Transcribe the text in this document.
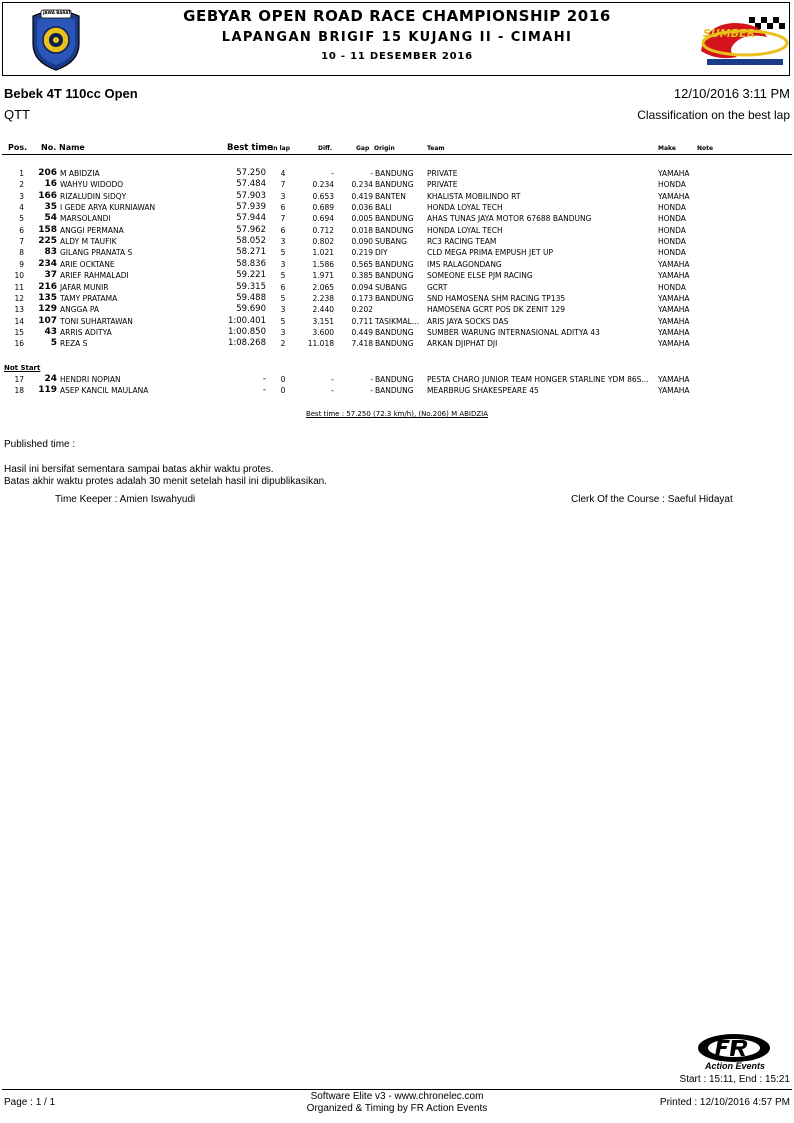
JAWA BARAT	GEBYAR OPEN ROAD RACE CHAMPIONSHIP 2016
LAPANGAN BRIGIF 15 KUJANG II - CIMAHI
10 - 11 DESEMBER 2016
SUMBER
Bebek 4T 110cc Open
QTT
12/10/2016 3:11 PM
Classification on the best lap
Pos. No. Name	Best time
In lap	Diff.	Gap Origin	Team	Make	Note
1	206 M ABIDZIA	57.250	4	-	- BANDUNG	PRIVATE	YAMAHA
2	16 WAHYU WIDODO	57.484	7	0.234	0.234 BANDUNG	PRIVATE	HONDA
3	166 RIZALUDIN SIDQY	57.903	3	0.653	0.419 BANTEN	KHALISTA MOBILINDO RT	YAMAHA
4	35 I GEDE ARYA KURNIAWAN	57.939	6	0.689	0.036 BALI	HONDA LOYAL TECH	HONDA
5	54 MARSOLANDI	57.944	7	0.694	0.005 BANDUNG	AHAS TUNAS JAYA MOTOR 67688 BANDUNG	HONDA
6	158 ANGGI PERMANA	57.962	6	0.712	0.018 BANDUNG	HONDA LOYAL TECH	HONDA
7	225 ALDY M TAUFIK	58.052	3	0.802	0.090 SUBANG	RC3 RACING TEAM	HONDA
8	83 GILANG PRANATA S	58.271	5	1.021	0.219 DIY	CLD MEGA PRIMA EMPUSH JET UP	HONDA
9	234 ARIE OCKTANE	58.836	3	1.586	0.565 BANDUNG	IMS RALAGONDANG	YAMAHA
10	37 ARIEF RAHMALADI	59.221	5	1.971	0.385 BANDUNG	SOMEONE ELSE PJM RACING	YAMAHA
11	216 JAFAR MUNIR	59.315	6	2.065	0.094 SUBANG	GCRT	HONDA
12	135 TAMY PRATAMA	59.488	5	2.238	0.173 BANDUNG	SND HAMOSENA SHM RACING TP135	YAMAHA
13	129 ANGGA PA	59.690	3	2.440	0.202	HAMOSENA GCRT POS DK ZENIT 129	YAMAHA
14	107 TONI SUHARTAWAN	1:00.401	5	3.151	0.711 TASIKMAL...	ARIS JAYA SOCKS DAS	YAMAHA
15	43 ARRIS ADITYA	1:00.850	3	3.600	0.449 BANDUNG	SUMBER WARUNG INTERNASIONAL ADITYA 43	YAMAHA
16	5 REZA S	1:08.268	2	11.018	7.418 BANDUNG	ARKAN DJIPHAT DJI	YAMAHA
Not Start
17	24 HENDRI NOPIAN	-	0	-	- BANDUNG	PESTA CHARO JUNIOR TEAM HONGER STARLINE YDM 86S...	YAMAHA
18	119 ASEP KANCIL MAULANA	-	0	-	- BANDUNG	MEARBRUG SHAKESPEARE 45	YAMAHA
Best time : 57.250 (72.3 km/h), (No.206) M ABIDZIA
Published time :
Hasil ini bersifat sementara sampai batas akhir waktu protes.
Batas akhir waktu protes adalah 30 menit setelah hasil ini dipublikasikan.
Time Keeper : Amien Iswahyudi	Clerk Of the Course : Saeful Hidayat
Action Events
Start : 15:11, End : 15:21
Page : 1 / 1
Software Elite v3 - www.chronelec.com
Organized & Timing by FR Action Events
Printed : 12/10/2016 4:57 PM
